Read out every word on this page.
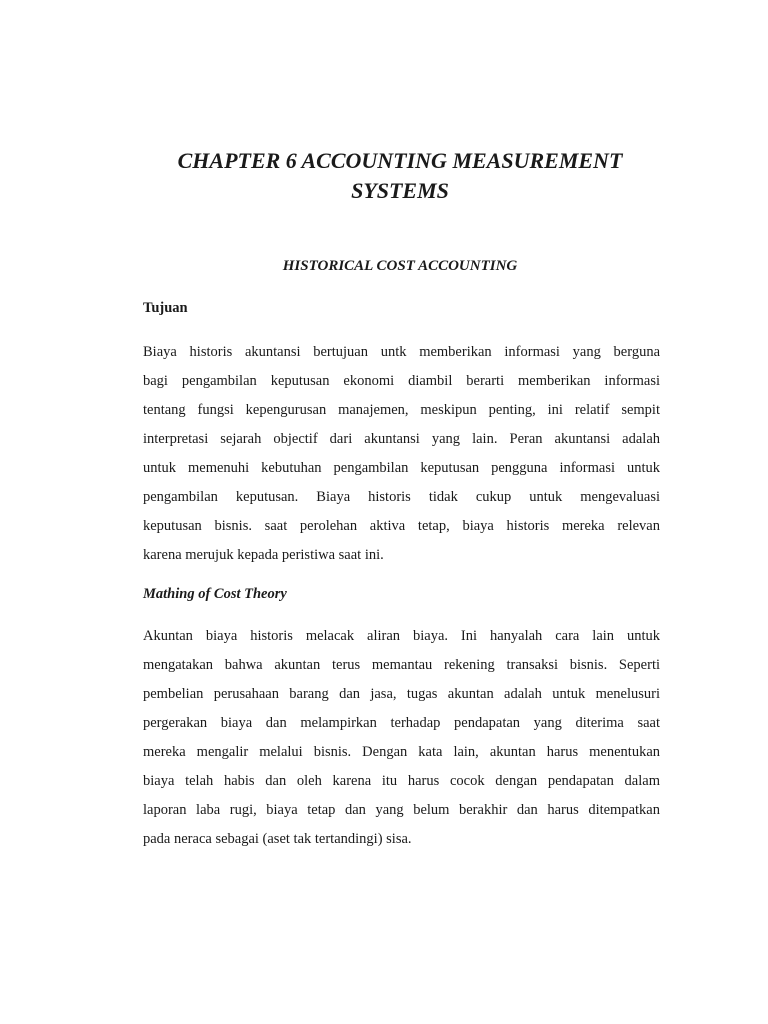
CHAPTER 6 ACCOUNTING MEASUREMENT
SYSTEMS
HISTORICAL COST ACCOUNTING
Tujuan
Biaya historis akuntansi bertujuan untk memberikan informasi yang berguna
bagi pengambilan keputusan ekonomi diambil berarti memberikan informasi
tentang fungsi kepengurusan manajemen, meskipun penting, ini relatif sempit
interpretasi sejarah objectif dari akuntansi yang lain. Peran akuntansi adalah
untuk memenuhi kebutuhan pengambilan keputusan pengguna informasi untuk
pengambilan keputusan. Biaya historis tidak cukup untuk mengevaluasi
keputusan bisnis. saat perolehan aktiva tetap, biaya historis mereka relevan
karena merujuk kepada peristiwa saat ini.
Mathing of Cost Theory
Akuntan biaya historis melacak aliran biaya. Ini hanyalah cara lain untuk
mengatakan bahwa akuntan terus memantau rekening transaksi bisnis. Seperti
pembelian perusahaan barang dan jasa, tugas akuntan adalah untuk menelusuri
pergerakan biaya dan melampirkan terhadap pendapatan yang diterima saat
mereka mengalir melalui bisnis. Dengan kata lain, akuntan harus menentukan
biaya telah habis dan oleh karena itu harus cocok dengan pendapatan dalam
laporan laba rugi, biaya tetap dan yang belum berakhir dan harus ditempatkan
pada neraca sebagai (aset tak tertandingi) sisa.
